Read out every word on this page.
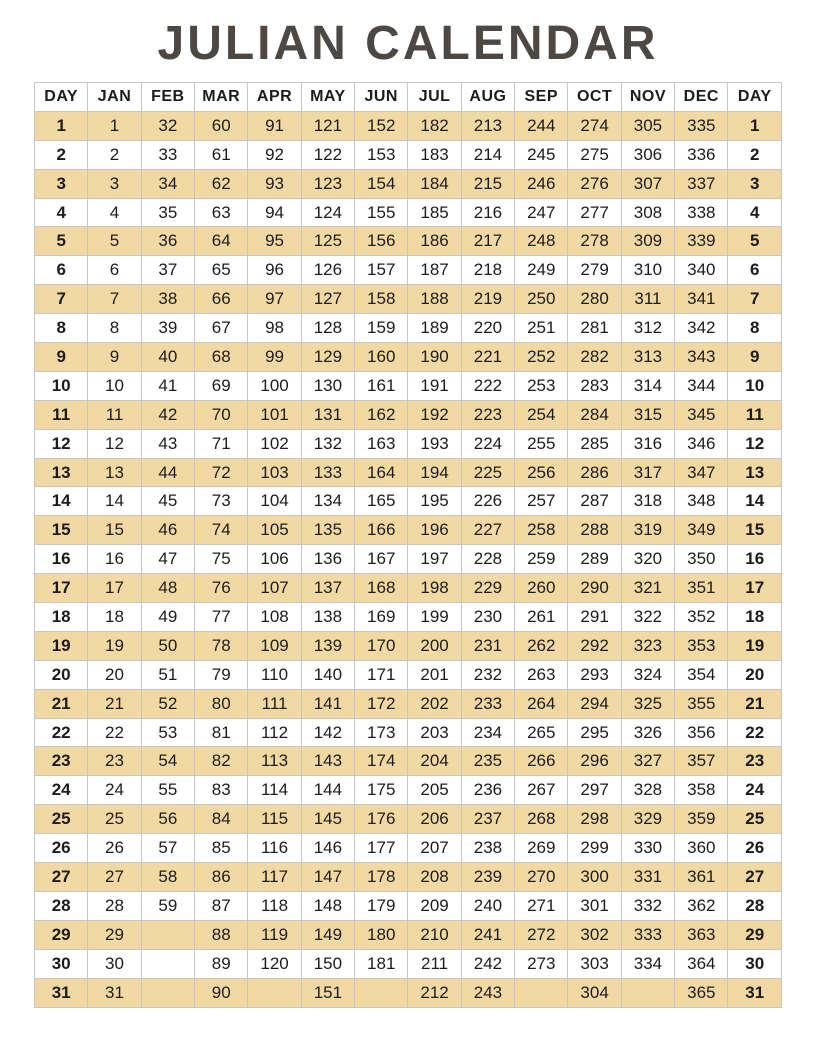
JULIAN CALENDAR
DAY	JAN	FEB	MAR	APR	MAY	JUN	JUL	AUG	SEP	OCT	NOV	DEC	DAY
1	1	32	60	91	121	152	182	213	244	274	305	335	1
2	2	33	61	92	122	153	183	214	245	275	306	336	2
3	3	34	62	93	123	154	184	215	246	276	307	337	3
4	4	35	63	94	124	155	185	216	247	277	308	338	4
5	5	36	64	95	125	156	186	217	248	278	309	339	5
6	6	37	65	96	126	157	187	218	249	279	310	340	6
7	7	38	66	97	127	158	188	219	250	280	311	341	7
8	8	39	67	98	128	159	189	220	251	281	312	342	8
9	9	40	68	99	129	160	190	221	252	282	313	343	9
10	10	41	69	100	130	161	191	222	253	283	314	344	10
11	11	42	70	101	131	162	192	223	254	284	315	345	11
12	12	43	71	102	132	163	193	224	255	285	316	346	12
13	13	44	72	103	133	164	194	225	256	286	317	347	13
14	14	45	73	104	134	165	195	226	257	287	318	348	14
15	15	46	74	105	135	166	196	227	258	288	319	349	15
16	16	47	75	106	136	167	197	228	259	289	320	350	16
17	17	48	76	107	137	168	198	229	260	290	321	351	17
18	18	49	77	108	138	169	199	230	261	291	322	352	18
19	19	50	78	109	139	170	200	231	262	292	323	353	19
20	20	51	79	110	140	171	201	232	263	293	324	354	20
21	21	52	80	111	141	172	202	233	264	294	325	355	21
22	22	53	81	112	142	173	203	234	265	295	326	356	22
23	23	54	82	113	143	174	204	235	266	296	327	357	23
24	24	55	83	114	144	175	205	236	267	297	328	358	24
25	25	56	84	115	145	176	206	237	268	298	329	359	25
26	26	57	85	116	146	177	207	238	269	299	330	360	26
27	27	58	86	117	147	178	208	239	270	300	331	361	27
28	28	59	87	118	148	179	209	240	271	301	332	362	28
29	29		88	119	149	180	210	241	272	302	333	363	29
30	30		89	120	150	181	211	242	273	303	334	364	30
31	31		90		151		212	243		304		365	31
